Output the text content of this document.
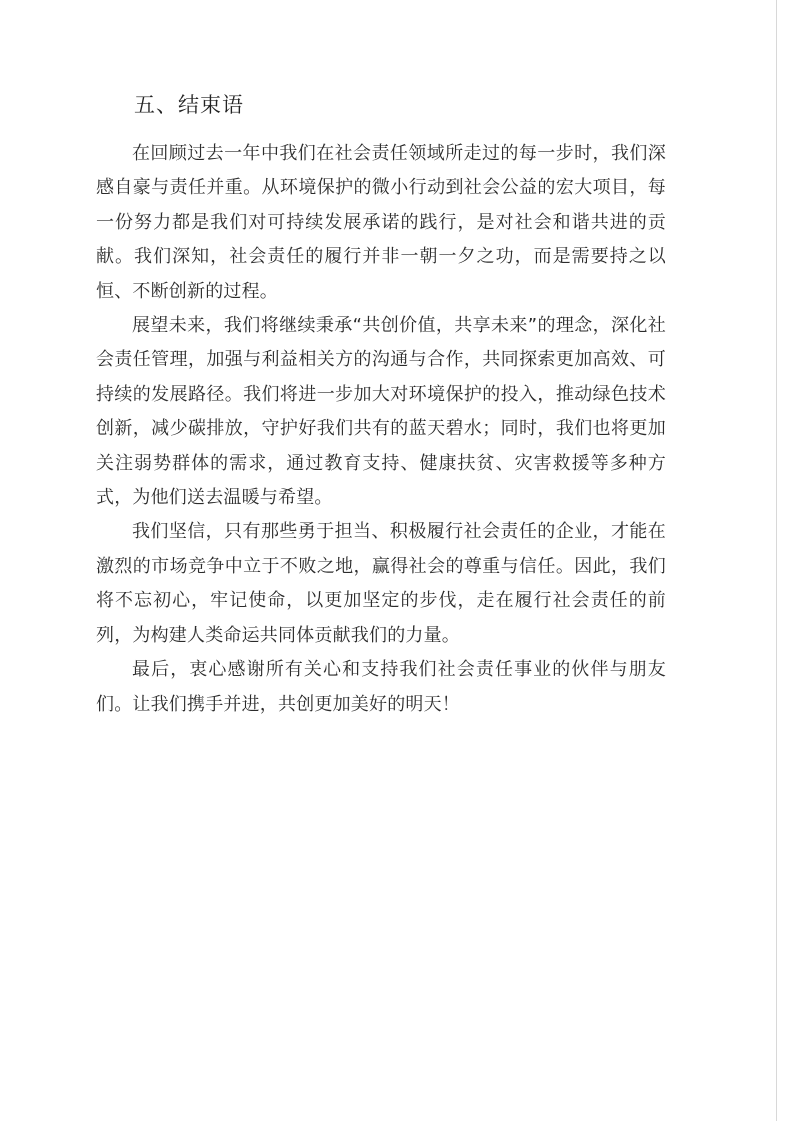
五、结束语

在回顾过去一年中我们在社会责任领域所走过的每一步时，我们深感自豪与责任并重。从环境保护的微小行动到社会公益的宏大项目，每一份努力都是我们对可持续发展承诺的践行，是对社会和谐共进的贡献。我们深知，社会责任的履行并非一朝一夕之功，而是需要持之以恒、不断创新的过程。

展望未来，我们将继续秉承“共创价值，共享未来”的理念，深化社会责任管理，加强与利益相关方的沟通与合作，共同探索更加高效、可持续的发展路径。我们将进一步加大对环境保护的投入，推动绿色技术创新，减少碳排放，守护好我们共有的蓝天碧水；同时，我们也将更加关注弱势群体的需求，通过教育支持、健康扶贫、灾害救援等多种方式，为他们送去温暖与希望。

我们坚信，只有那些勇于担当、积极履行社会责任的企业，才能在激烈的市场竞争中立于不败之地，赢得社会的尊重与信任。因此，我们将不忘初心，牢记使命，以更加坚定的步伐，走在履行社会责任的前列，为构建人类命运共同体贡献我们的力量。

最后，衷心感谢所有关心和支持我们社会责任事业的伙伴与朋友们。让我们携手并进，共创更加美好的明天！
